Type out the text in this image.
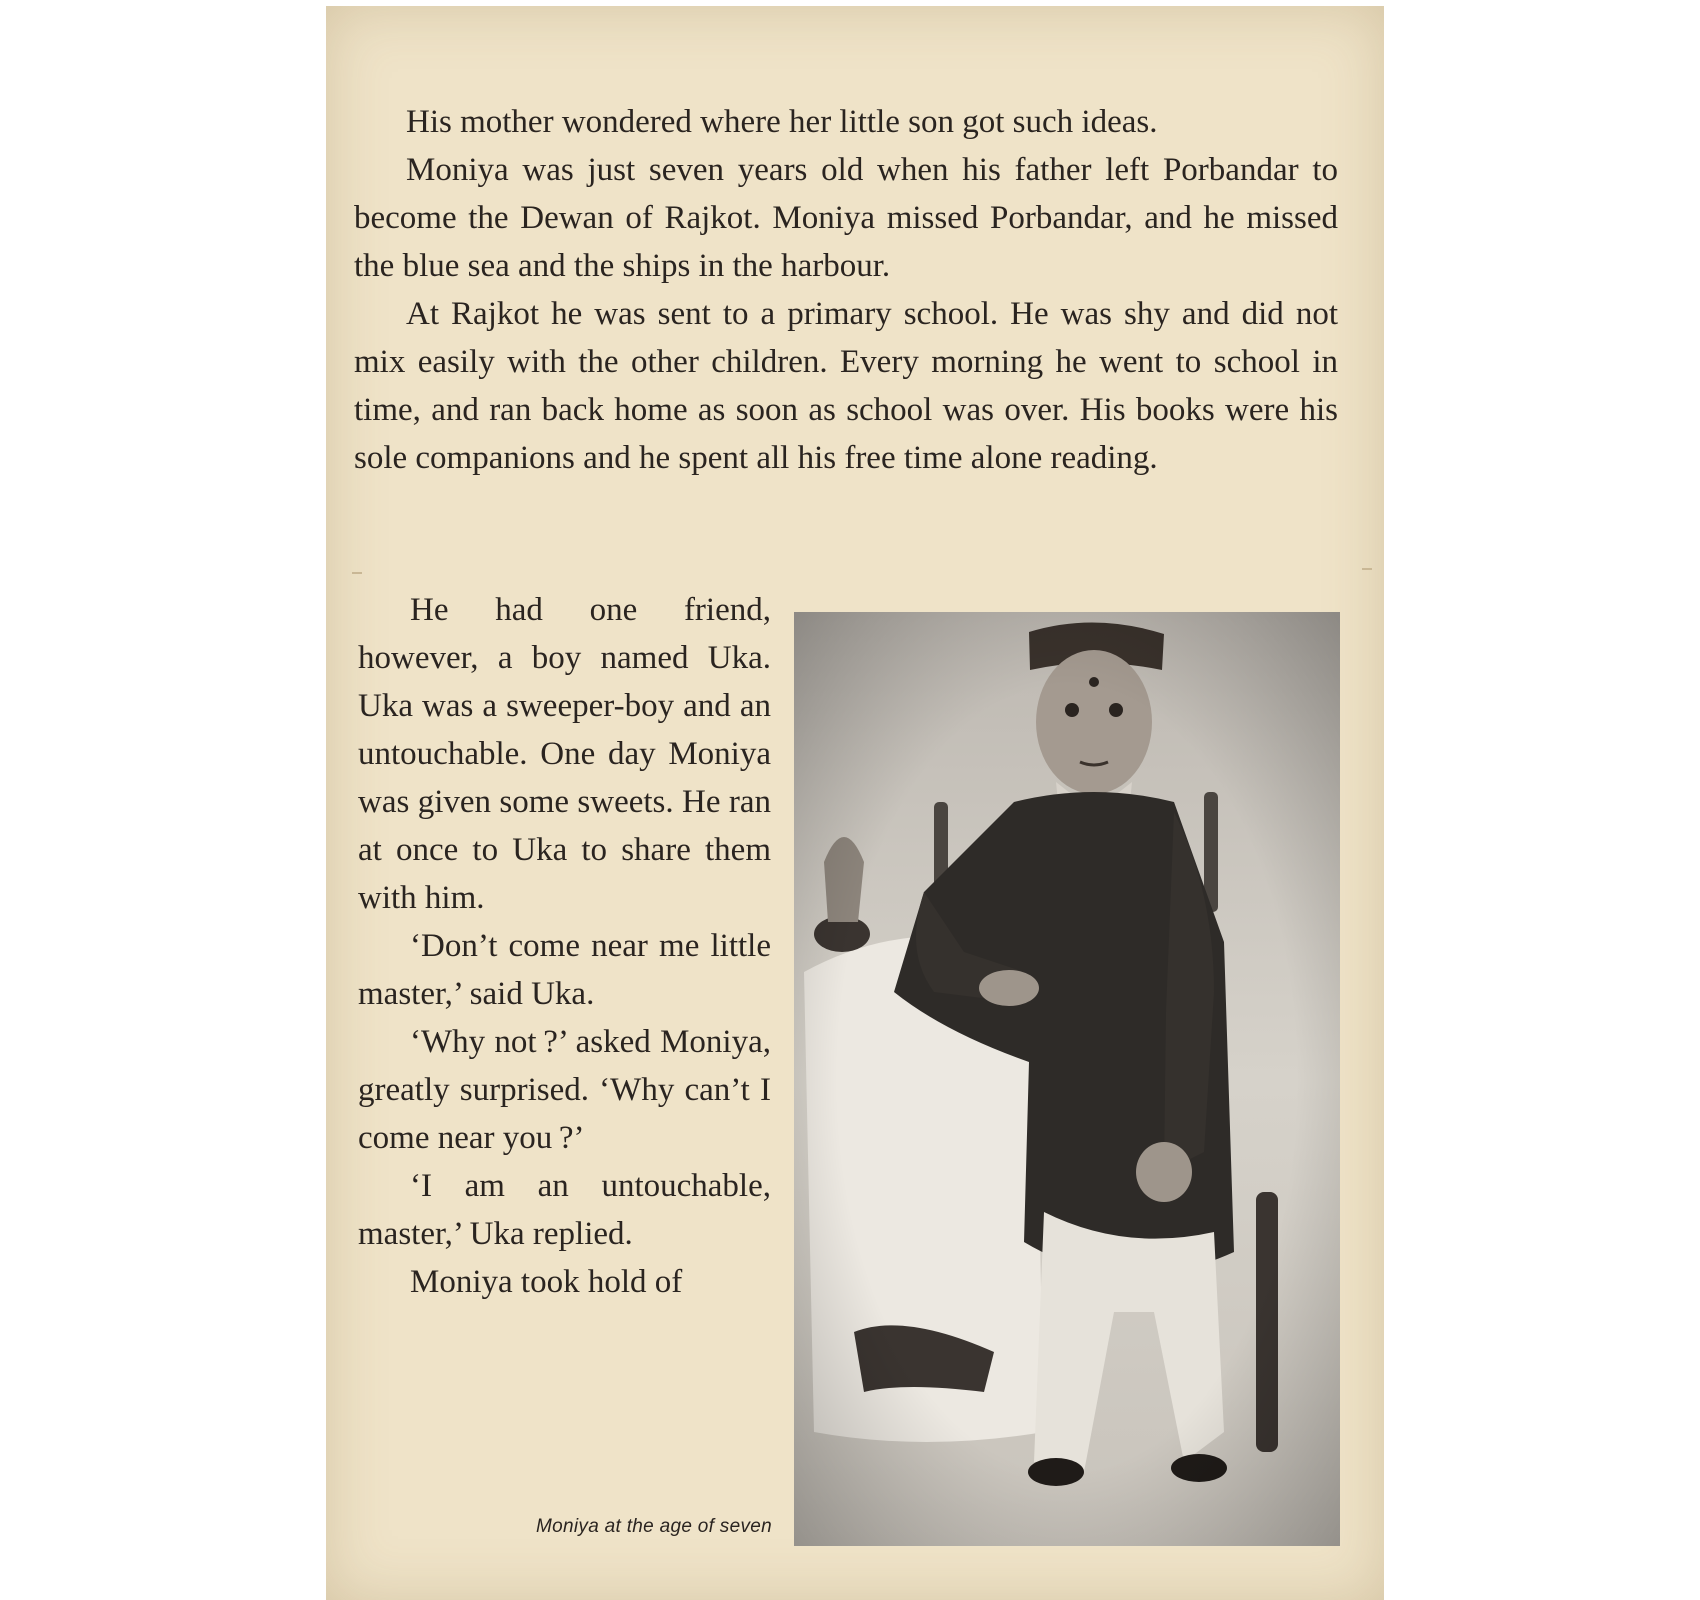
His mother wondered where her little son got such ideas.

Moniya was just seven years old when his father left Porbandar to become the Dewan of Rajkot. Moniya missed Porbandar, and he missed the blue sea and the ships in the harbour.

At Rajkot he was sent to a primary school. He was shy and did not mix easily with the other children. Every morning he went to school in time, and ran back home as soon as school was over. His books were his sole companions and he spent all his free time alone reading.

He had one friend, however, a boy named Uka. Uka was a sweeper-boy and an untouchable. One day Moniya was given some sweets. He ran at once to Uka to share them with him.

‘Don’t come near me little master,’ said Uka.

‘Why not ?’ asked Moniya, greatly surprised. ‘Why can’t I come near you ?’

‘I am an untouchable, master,’ Uka replied.

Moniya took hold of

Moniya at the age of seven
